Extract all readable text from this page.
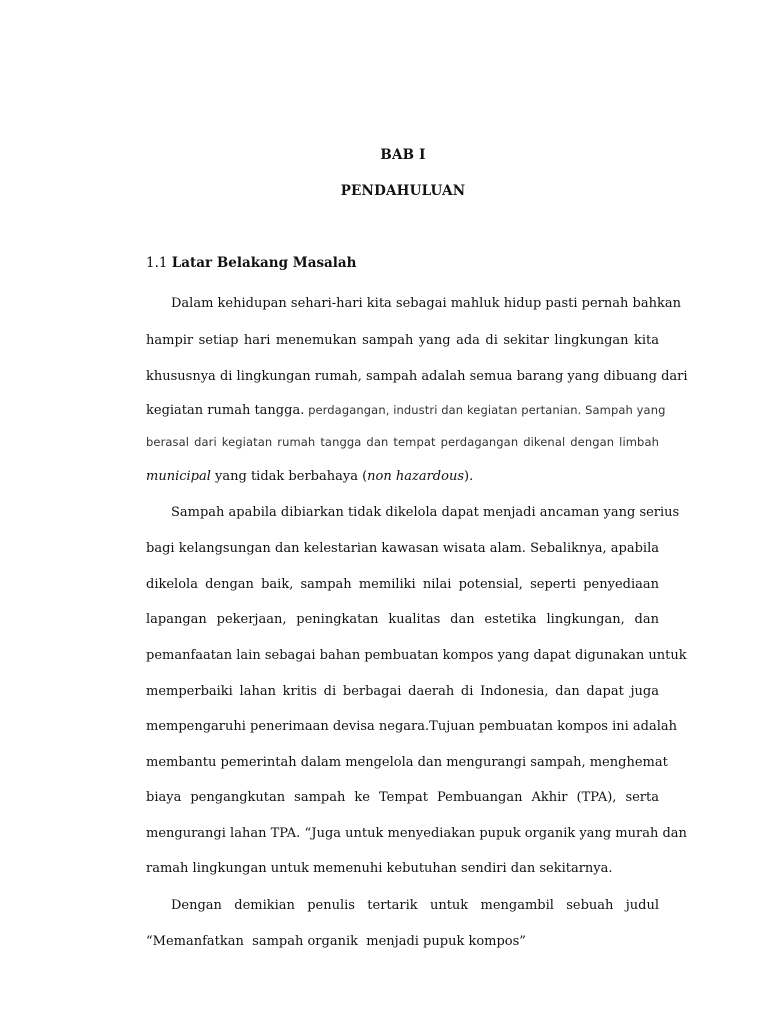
BAB I
PENDAHULUAN
1.1 Latar Belakang Masalah
Dalam kehidupan sehari-hari kita sebagai mahluk hidup pasti pernah bahkan
hampir setiap hari menemukan sampah yang ada di sekitar lingkungan kita
khususnya di lingkungan rumah, sampah adalah semua barang yang dibuang dari
kegiatan rumah tangga. perdagangan, industri dan kegiatan pertanian. Sampah yang
berasal dari kegiatan rumah tangga dan tempat perdagangan dikenal dengan limbah
municipal yang tidak berbahaya (non hazardous).
Sampah apabila dibiarkan tidak dikelola dapat menjadi ancaman yang serius
bagi kelangsungan dan kelestarian kawasan wisata alam. Sebaliknya, apabila
dikelola dengan baik, sampah memiliki nilai potensial, seperti penyediaan
lapangan pekerjaan, peningkatan kualitas dan estetika lingkungan, dan
pemanfaatan lain sebagai bahan pembuatan kompos yang dapat digunakan untuk
memperbaiki lahan kritis di berbagai daerah di Indonesia, dan dapat juga
mempengaruhi penerimaan devisa negara.Tujuan pembuatan kompos ini adalah
membantu pemerintah dalam mengelola dan mengurangi sampah, menghemat
biaya pengangkutan sampah ke Tempat Pembuangan Akhir (TPA), serta
mengurangi lahan TPA. “Juga untuk menyediakan pupuk organik yang murah dan
ramah lingkungan untuk memenuhi kebutuhan sendiri dan sekitarnya.
Dengan demikian penulis tertarik untuk mengambil sebuah judul
“Memanfatkan  sampah organik  menjadi pupuk kompos”
